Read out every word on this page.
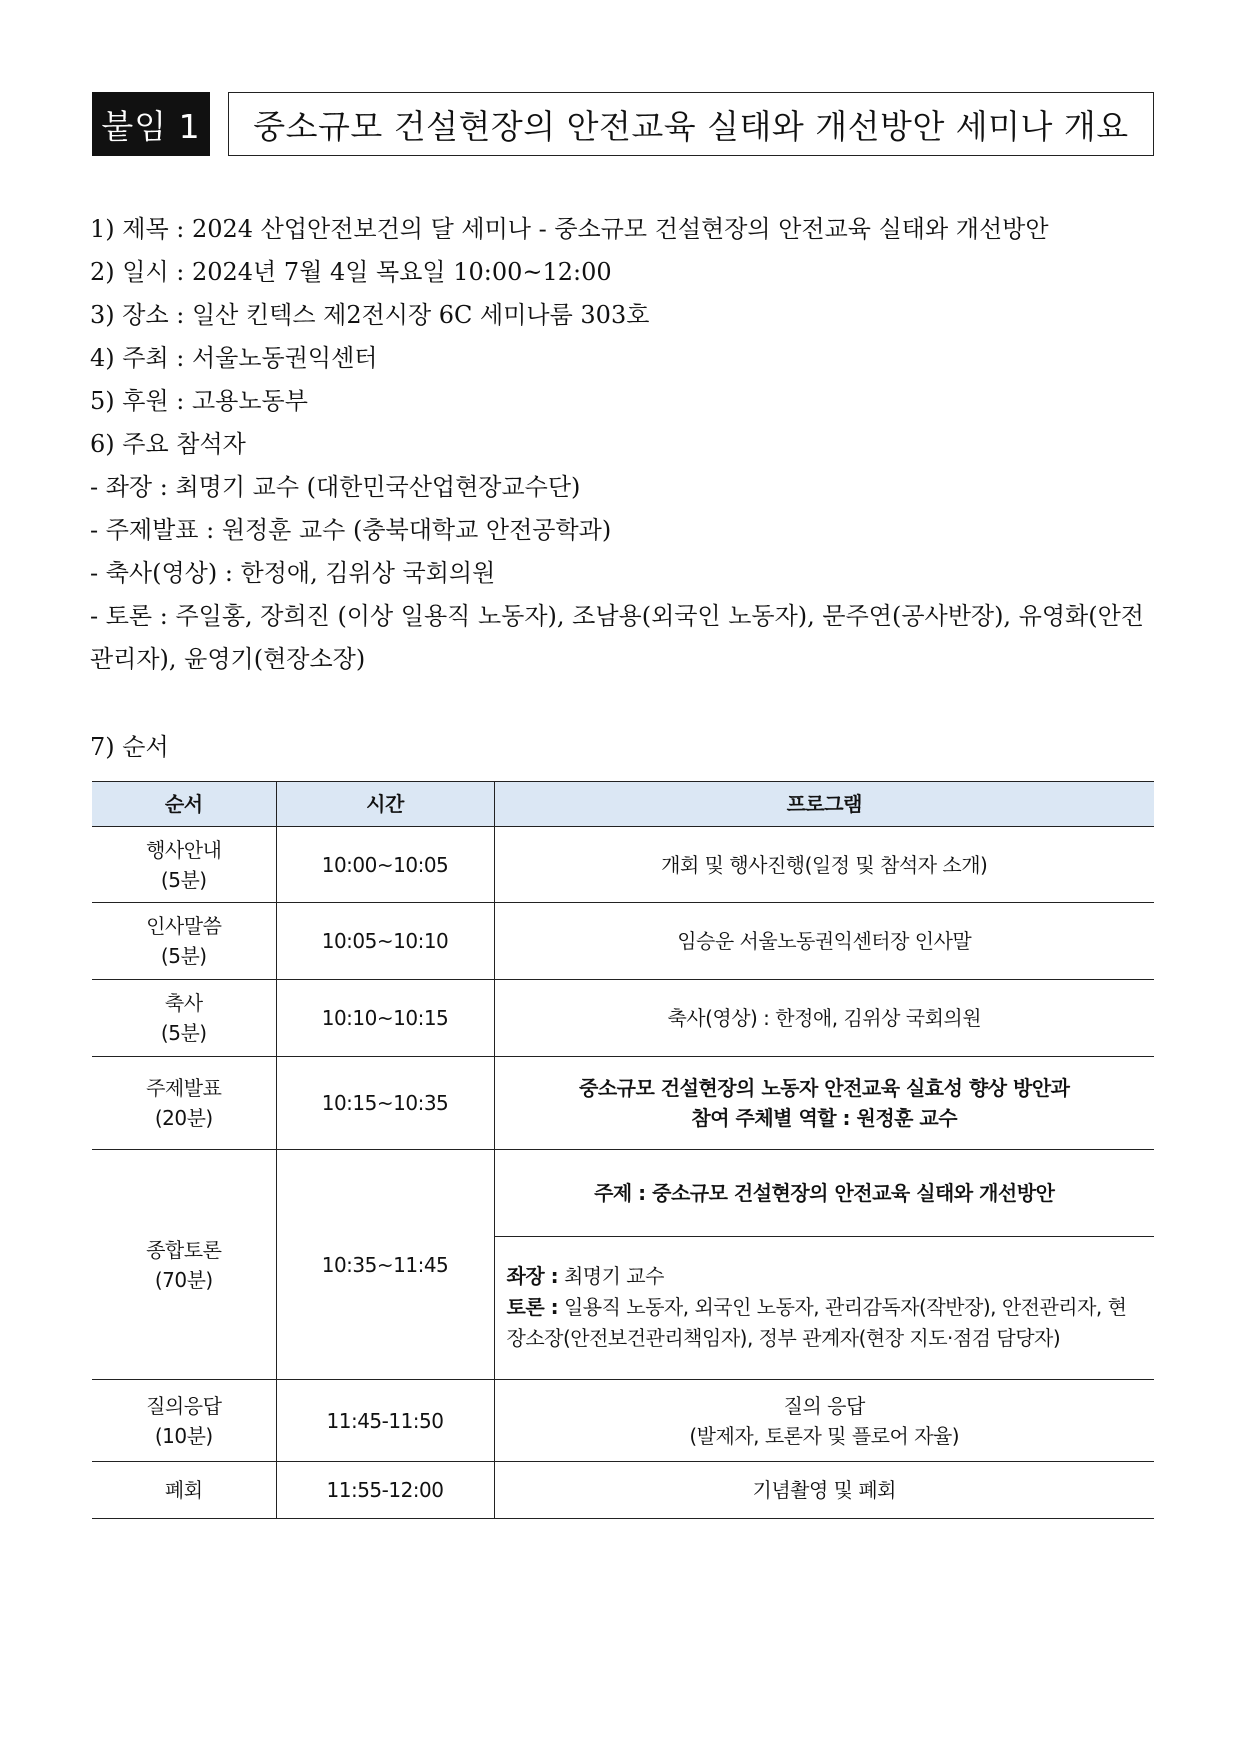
붙임 1	중소규모 건설현장의 안전교육 실태와 개선방안 세미나 개요

1) 제목 : 2024 산업안전보건의 달 세미나 - 중소규모 건설현장의 안전교육 실태와 개선방안

2) 일시 : 2024년 7월 4일 목요일 10:00~12:00

3) 장소 : 일산 킨텍스 제2전시장 6C 세미나룸 303호

4) 주최 : 서울노동권익센터

5) 후원 : 고용노동부

6) 주요 참석자

- 좌장 : 최명기 교수 (대한민국산업현장교수단)

- 주제발표 : 원정훈 교수 (충북대학교 안전공학과)

- 축사(영상) : 한정애, 김위상 국회의원

- 토론 : 주일홍, 장희진 (이상 일용직 노동자), 조남용(외국인 노동자), 문주연(공사반장), 유영화(안전관리자), 윤영기(현장소장)

7) 순서
순서	시간	프로그램
행사안내
(5분)	10:00~10:05	개회 및 행사진행(일정 및 참석자 소개)
인사말씀
(5분)	10:05~10:10	임승운 서울노동권익센터장 인사말
축사
(5분)	10:10~10:15	축사(영상) : 한정애, 김위상 국회의원
주제발표
(20분)	10:15~10:35	중소규모 건설현장의 노동자 안전교육 실효성 향상 방안과
참여 주체별 역할 : 원정훈 교수
종합토론
(70분)	10:35~11:45	주제 : 중소규모 건설현장의 안전교육 실태와 개선방안
		좌장 : 최명기 교수
토론 : 일용직 노동자, 외국인 노동자, 관리감독자(작반장), 안전관리자, 현장소장(안전보건관리책임자), 정부 관계자(현장 지도·점검 담당자)
질의응답
(10분)	11:45-11:50	질의 응답
(발제자, 토론자 및 플로어 자율)
폐회	11:55-12:00	기념촬영 및 폐회
